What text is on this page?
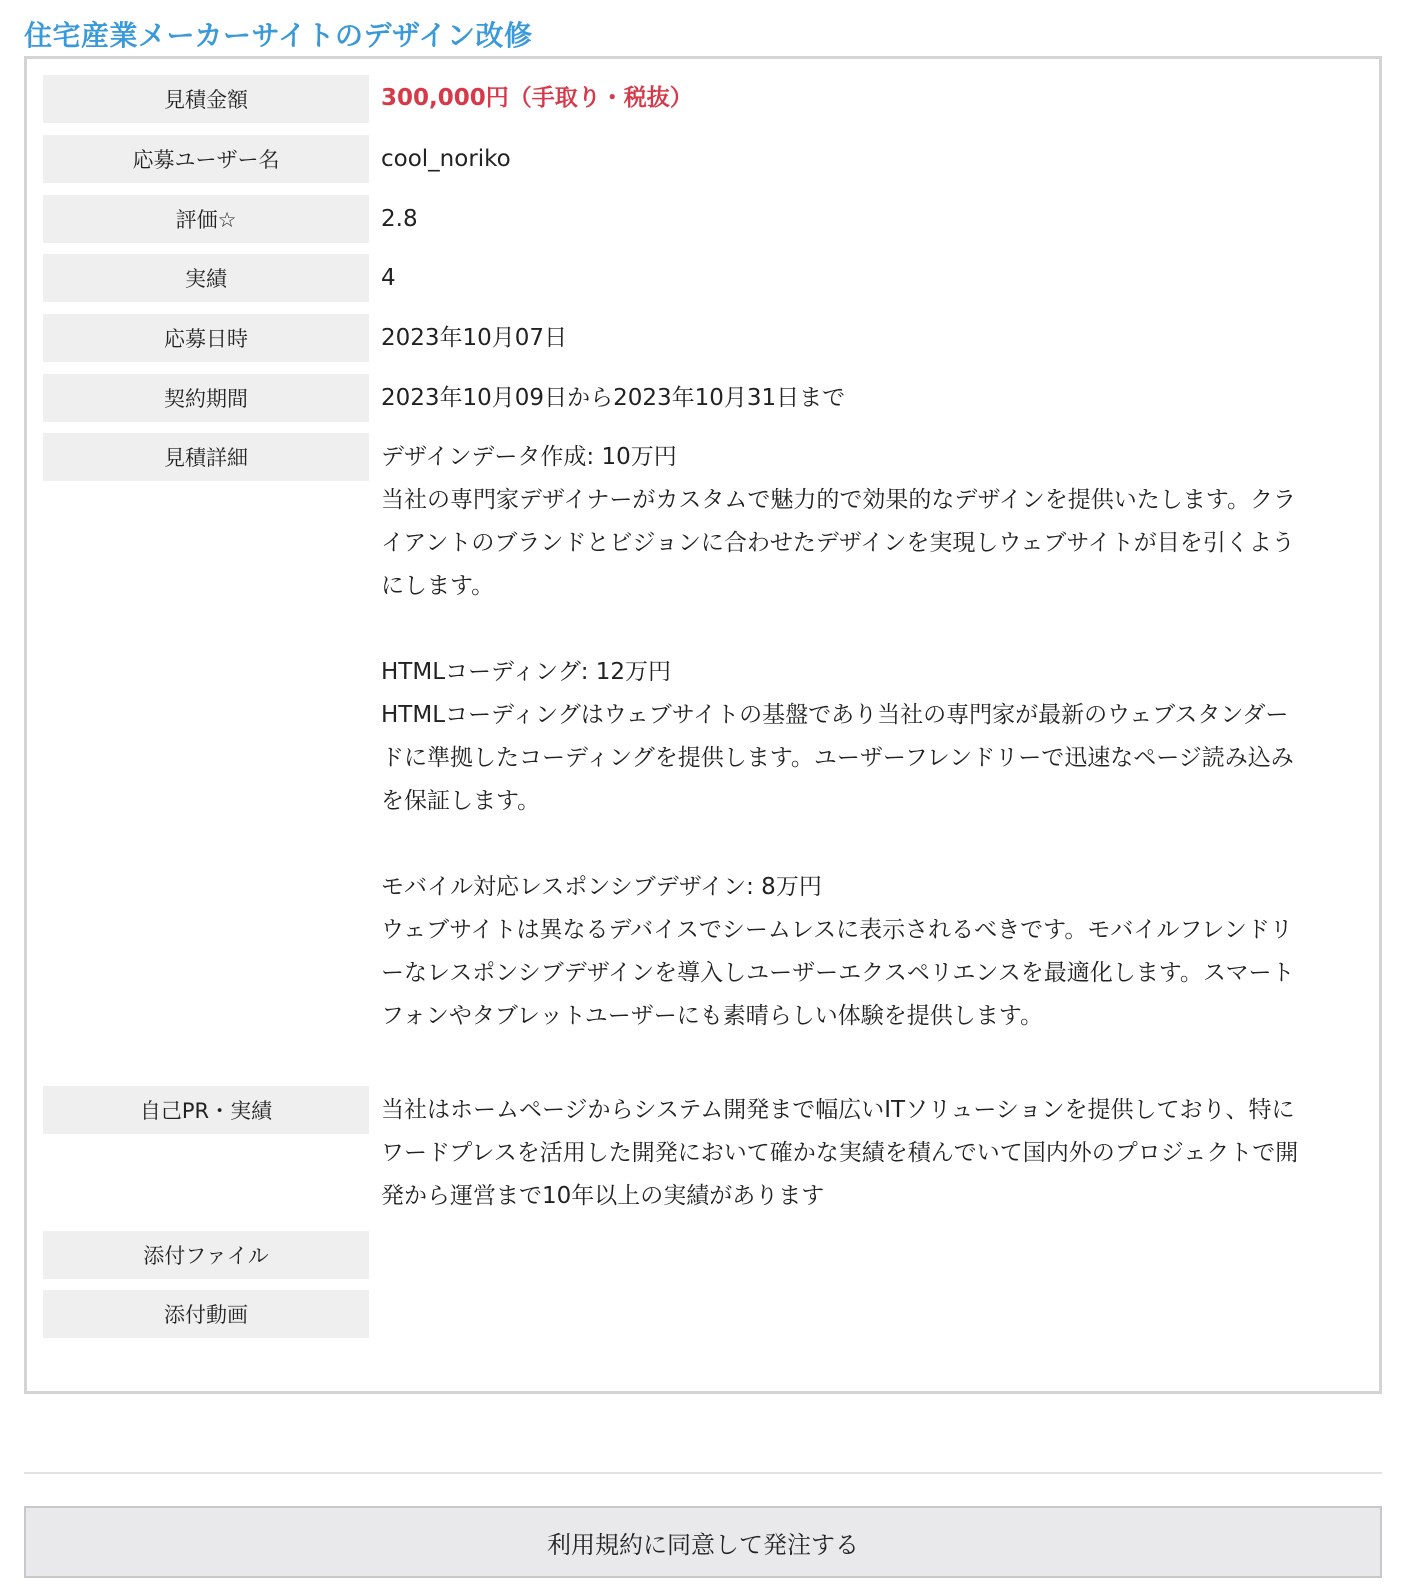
住宅産業メーカーサイトのデザイン改修
見積金額	300,000円（手取り・税抜）
応募ユーザー名	cool_noriko
評価☆	2.8
実績	4
応募日時	2023年10月07日
契約期間	2023年10月09日から2023年10月31日まで
見積詳細	デザインデータ作成: 10万円
当社の専門家デザイナーがカスタムで魅力的で効果的なデザインを提供いたします。クライアントのブランドとビジョンに合わせたデザインを実現しウェブサイトが目を引くようにします。

HTMLコーディング: 12万円
HTMLコーディングはウェブサイトの基盤であり当社の専門家が最新のウェブスタンダードに準拠したコーディングを提供します。ユーザーフレンドリーで迅速なページ読み込みを保証します。

モバイル対応レスポンシブデザイン: 8万円
ウェブサイトは異なるデバイスでシームレスに表示されるべきです。モバイルフレンドリーなレスポンシブデザインを導入しユーザーエクスペリエンスを最適化します。スマートフォンやタブレットユーザーにも素晴らしい体験を提供します。
自己PR・実績	当社はホームページからシステム開発まで幅広いITソリューションを提供しており、特にワードプレスを活用した開発において確かな実績を積んでいて国内外のプロジェクトで開発から運営まで10年以上の実績があります
添付ファイル
添付動画
利用規約に同意して発注する
